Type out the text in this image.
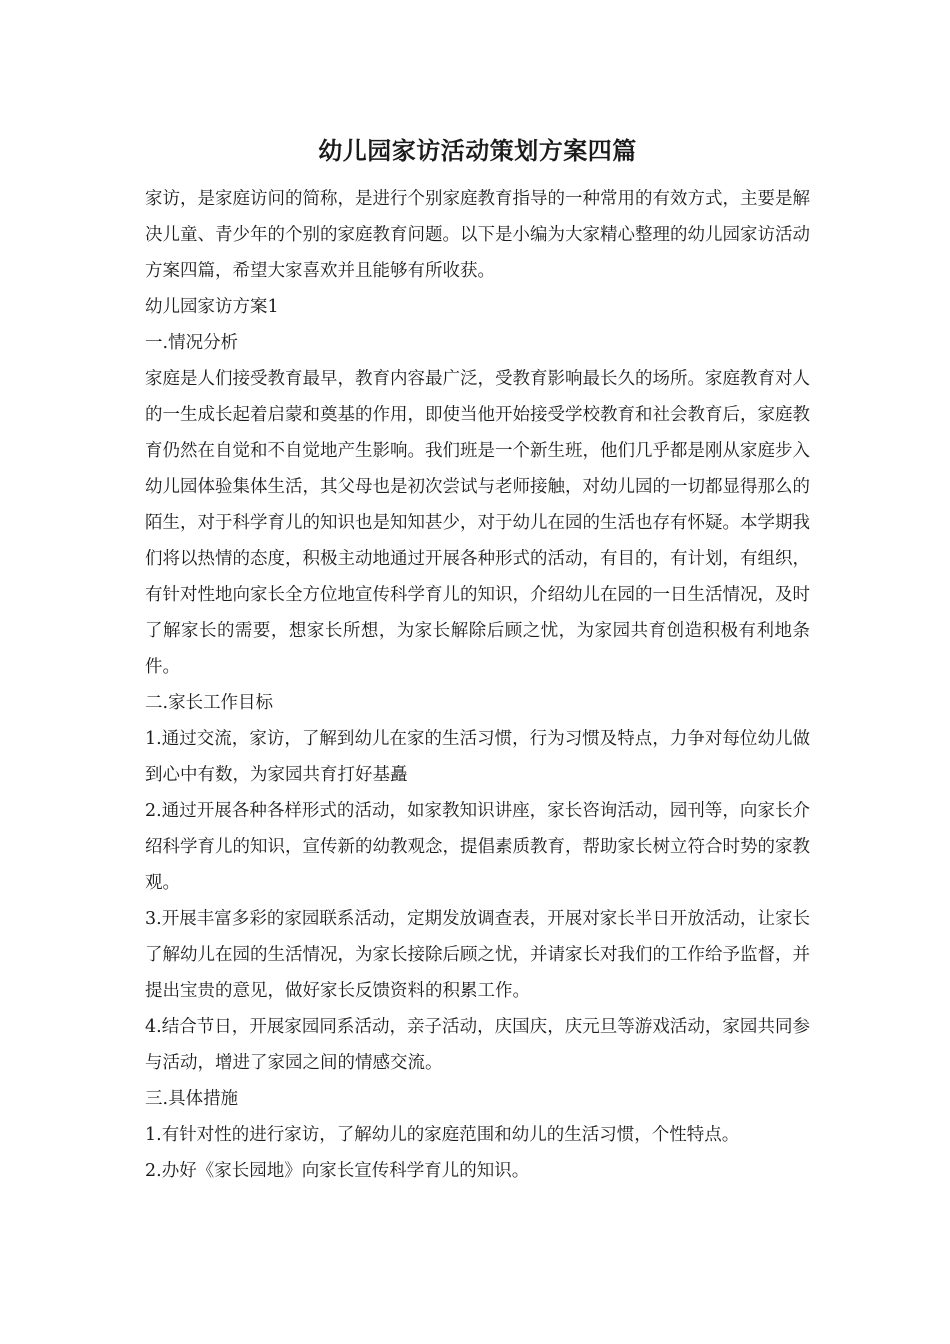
幼儿园家访活动策划方案四篇

家访，是家庭访问的简称，是进行个别家庭教育指导的一种常用的有效方式，主要是解决儿童、青少年的个别的家庭教育问题。以下是小编为大家精心整理的幼儿园家访活动方案四篇，希望大家喜欢并且能够有所收获。

幼儿园家访方案1

一.情况分析

家庭是人们接受教育最早，教育内容最广泛，受教育影响最长久的场所。家庭教育对人的一生成长起着启蒙和奠基的作用，即使当他开始接受学校教育和社会教育后，家庭教育仍然在自觉和不自觉地产生影响。我们班是一个新生班，他们几乎都是刚从家庭步入幼儿园体验集体生活，其父母也是初次尝试与老师接触，对幼儿园的一切都显得那么的陌生，对于科学育儿的知识也是知知甚少，对于幼儿在园的生活也存有怀疑。本学期我们将以热情的态度，积极主动地通过开展各种形式的活动，有目的，有计划，有组织，有针对性地向家长全方位地宣传科学育儿的知识，介绍幼儿在园的一日生活情况，及时了解家长的需要，想家长所想，为家长解除后顾之忧，为家园共育创造积极有利地条件。

二.家长工作目标

1.通过交流，家访，了解到幼儿在家的生活习惯，行为习惯及特点，力争对每位幼儿做到心中有数，为家园共育打好基矗

2.通过开展各种各样形式的活动，如家教知识讲座，家长咨询活动，园刊等，向家长介绍科学育儿的知识，宣传新的幼教观念，提倡素质教育，帮助家长树立符合时势的家教观。

3.开展丰富多彩的家园联系活动，定期发放调查表，开展对家长半日开放活动，让家长了解幼儿在园的生活情况，为家长接除后顾之忧，并请家长对我们的工作给予监督，并提出宝贵的意见，做好家长反馈资料的积累工作。

4.结合节日，开展家园同系活动，亲子活动，庆国庆，庆元旦等游戏活动，家园共同参与活动，增进了家园之间的情感交流。

三.具体措施

1.有针对性的进行家访，了解幼儿的家庭范围和幼儿的生活习惯，个性特点。

2.办好《家长园地》向家长宣传科学育儿的知识。
